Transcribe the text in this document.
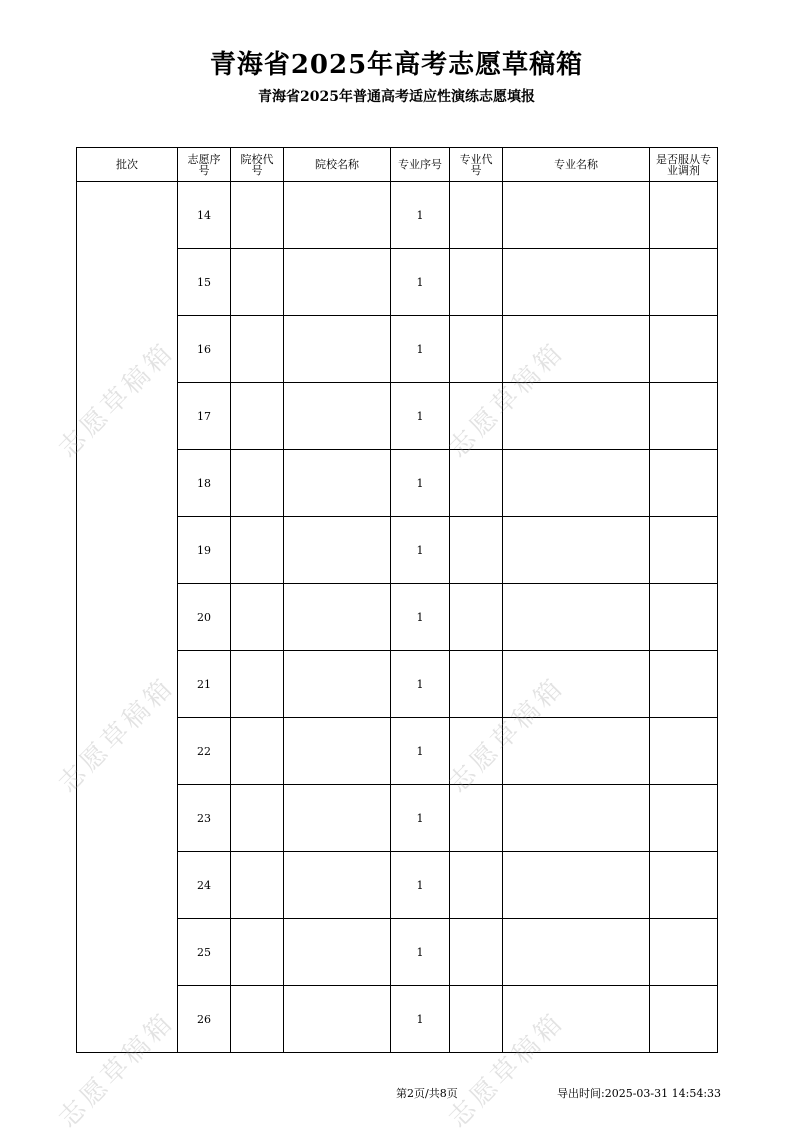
青海省2025年高考志愿草稿箱
青海省2025年普通高考适应性演练志愿填报
批次	志愿序号	院校代号	院校名称	专业序号	专业代号	专业名称	是否服从专业调剂
	14			1			
	15			1			
	16			1			
	17			1			
	18			1			
	19			1			
	20			1			
	21			1			
	22			1			
	23			1			
	24			1			
	25			1			
	26			1			
第2页/共8页	导出时间:2025-03-31 14:54:33
志愿草稿箱	志愿草稿箱
志愿草稿箱	志愿草稿箱
志愿草稿箱	志愿草稿箱
